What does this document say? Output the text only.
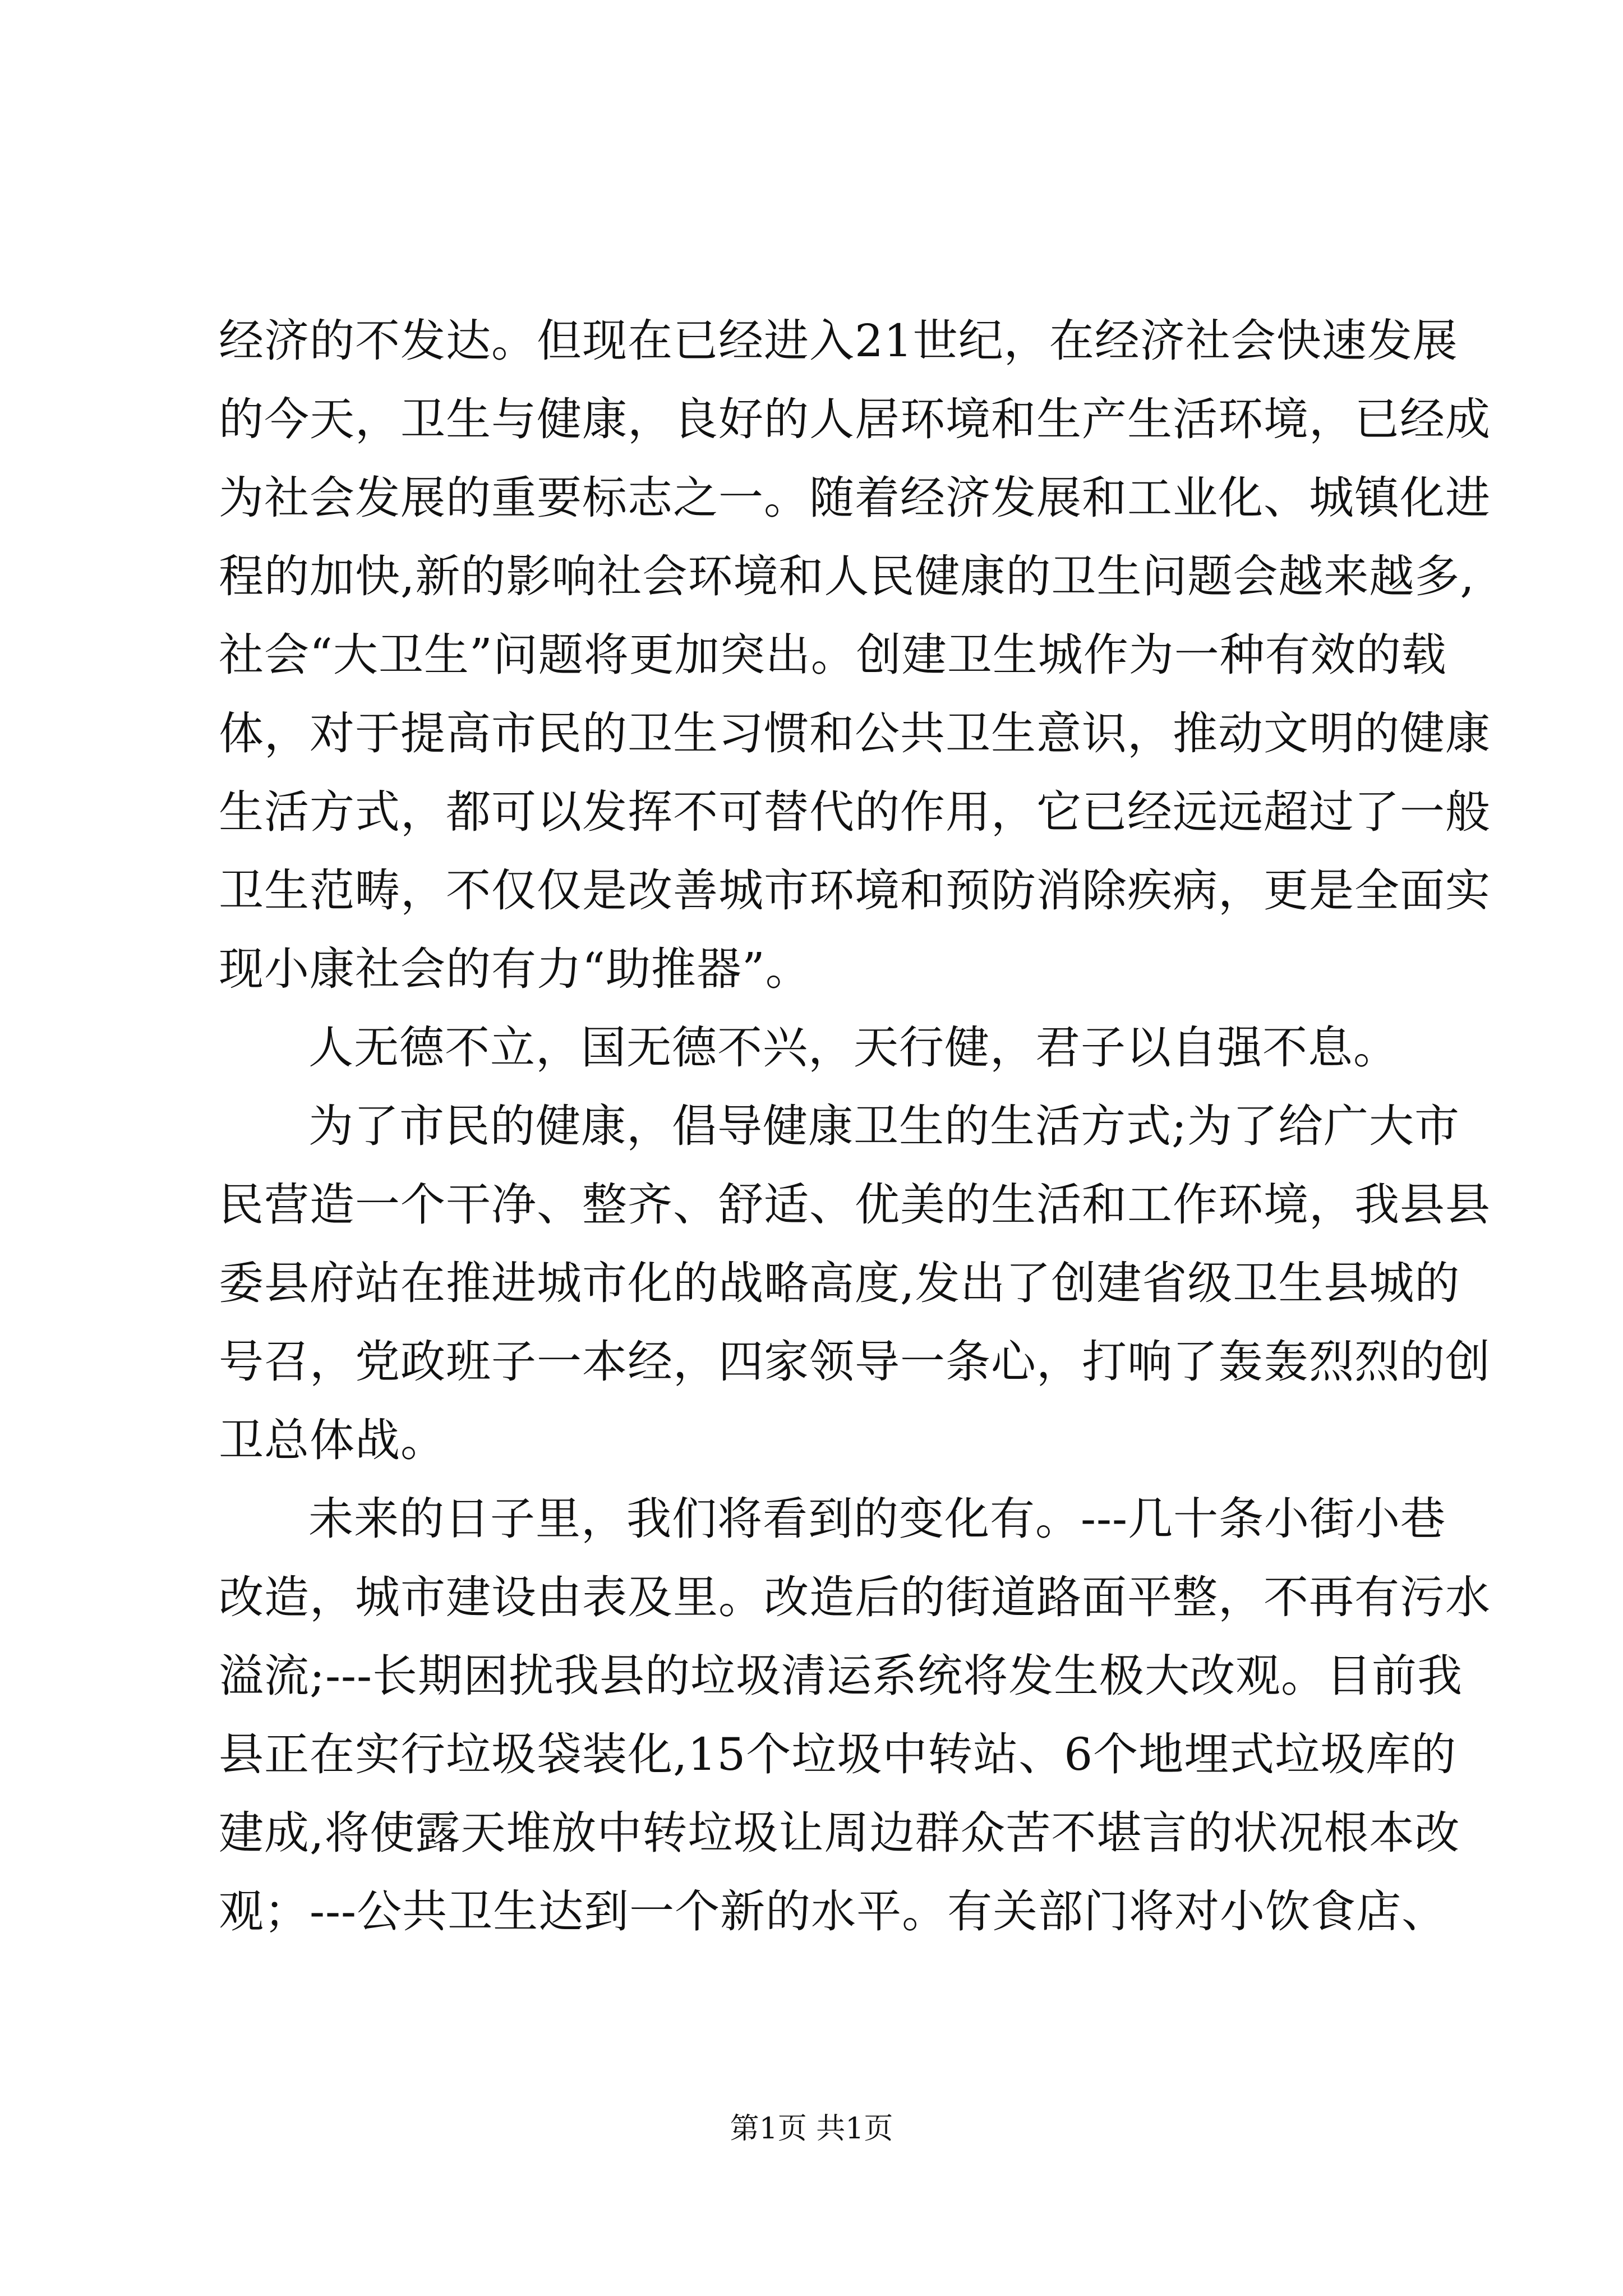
经济的不发达。但现在已经进入21世纪，在经济社会快速发展
的今天，卫生与健康，良好的人居环境和生产生活环境，已经成
为社会发展的重要标志之一。随着经济发展和工业化、城镇化进
程的加快,新的影响社会环境和人民健康的卫生问题会越来越多,
社会“大卫生”问题将更加突出。创建卫生城作为一种有效的载
体，对于提高市民的卫生习惯和公共卫生意识，推动文明的健康
生活方式，都可以发挥不可替代的作用，它已经远远超过了一般
卫生范畴，不仅仅是改善城市环境和预防消除疾病，更是全面实
现小康社会的有力“助推器”。
人无德不立，国无德不兴，天行健，君子以自强不息。
为了市民的健康，倡导健康卫生的生活方式;为了给广大市
民营造一个干净、整齐、舒适、优美的生活和工作环境，我县县
委县府站在推进城市化的战略高度,发出了创建省级卫生县城的
号召，党政班子一本经，四家领导一条心，打响了轰轰烈烈的创
卫总体战。
未来的日子里，我们将看到的变化有。---几十条小街小巷
改造，城市建设由表及里。改造后的街道路面平整，不再有污水
溢流;---长期困扰我县的垃圾清运系统将发生极大改观。目前我
县正在实行垃圾袋装化,15个垃圾中转站、6个地埋式垃圾库的
建成,将使露天堆放中转垃圾让周边群众苦不堪言的状况根本改
观；---公共卫生达到一个新的水平。有关部门将对小饮食店、
第1页 共1页
